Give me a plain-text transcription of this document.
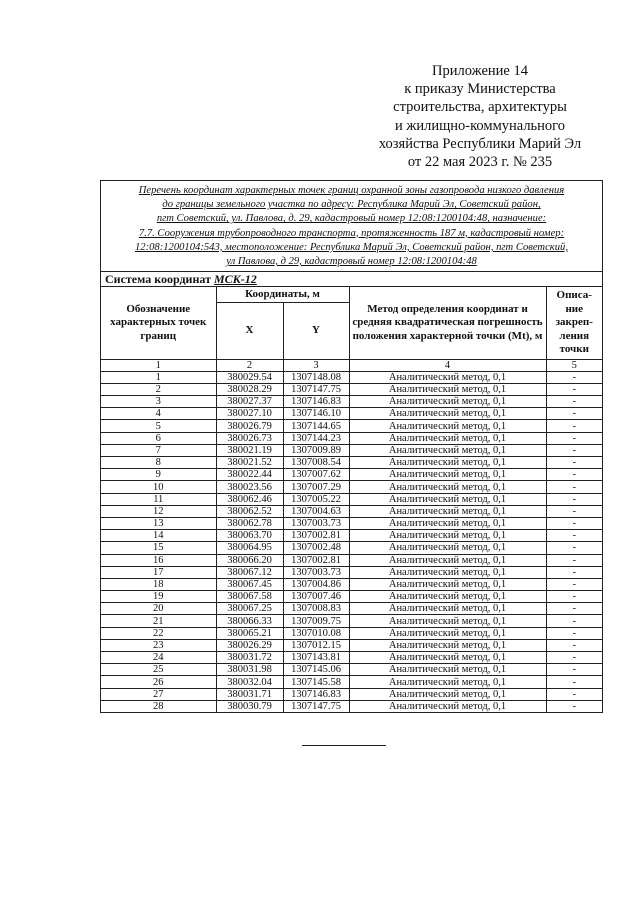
Приложение 14
к приказу Министерства
строительства, архитектуры
и жилищно-коммунального
хозяйства Республики Марий Эл
от 22 мая 2023 г. № 235
Перечень координат характерных точек границ охранной зоны газопровода низкого давления
до границы земельного участка по адресу: Республика Марий Эл, Советский район,
пгт Советский, ул. Павлова, д. 29, кадастровый номер 12:08:1200104:48, назначение:
7.7. Сооружения трубопроводного транспорта, протяженность 187 м, кадастровый номер:
12:08:1200104:543, местоположение: Республика Марий Эл, Советский район, пгт Советский,
ул Павлова, д 29, кадастровый номер 12:08:1200104:48
Система координат МСК-12
Обозначение характерных точек границ	Координаты, м		Метод определения координат и средняя квадратическая погрешность положения характерной точки (Mt), м	Описа- ние закреп- ления точки
	X	Y		
1	2	3	4	5
1	380029.54	1307148.08	Аналитический метод, 0,1	-
2	380028.29	1307147.75	Аналитический метод, 0,1	-
3	380027.37	1307146.83	Аналитический метод, 0,1	-
4	380027.10	1307146.10	Аналитический метод, 0,1	-
5	380026.79	1307144.65	Аналитический метод, 0,1	-
6	380026.73	1307144.23	Аналитический метод, 0,1	-
7	380021.19	1307009.89	Аналитический метод, 0,1	-
8	380021.52	1307008.54	Аналитический метод, 0,1	-
9	380022.44	1307007.62	Аналитический метод, 0,1	-
10	380023.56	1307007.29	Аналитический метод, 0,1	-
11	380062.46	1307005.22	Аналитический метод, 0,1	-
12	380062.52	1307004.63	Аналитический метод, 0,1	-
13	380062.78	1307003.73	Аналитический метод, 0,1	-
14	380063.70	1307002.81	Аналитический метод, 0,1	-
15	380064.95	1307002.48	Аналитический метод, 0,1	-
16	380066.20	1307002.81	Аналитический метод, 0,1	-
17	380067.12	1307003.73	Аналитический метод, 0,1	-
18	380067.45	1307004.86	Аналитический метод, 0,1	-
19	380067.58	1307007.46	Аналитический метод, 0,1	-
20	380067.25	1307008.83	Аналитический метод, 0,1	-
21	380066.33	1307009.75	Аналитический метод, 0,1	-
22	380065.21	1307010.08	Аналитический метод, 0,1	-
23	380026.29	1307012.15	Аналитический метод, 0,1	-
24	380031.72	1307143.81	Аналитический метод, 0,1	-
25	380031.98	1307145.06	Аналитический метод, 0,1	-
26	380032.04	1307145.58	Аналитический метод, 0,1	-
27	380031.71	1307146.83	Аналитический метод, 0,1	-
28	380030.79	1307147.75	Аналитический метод, 0,1	-
